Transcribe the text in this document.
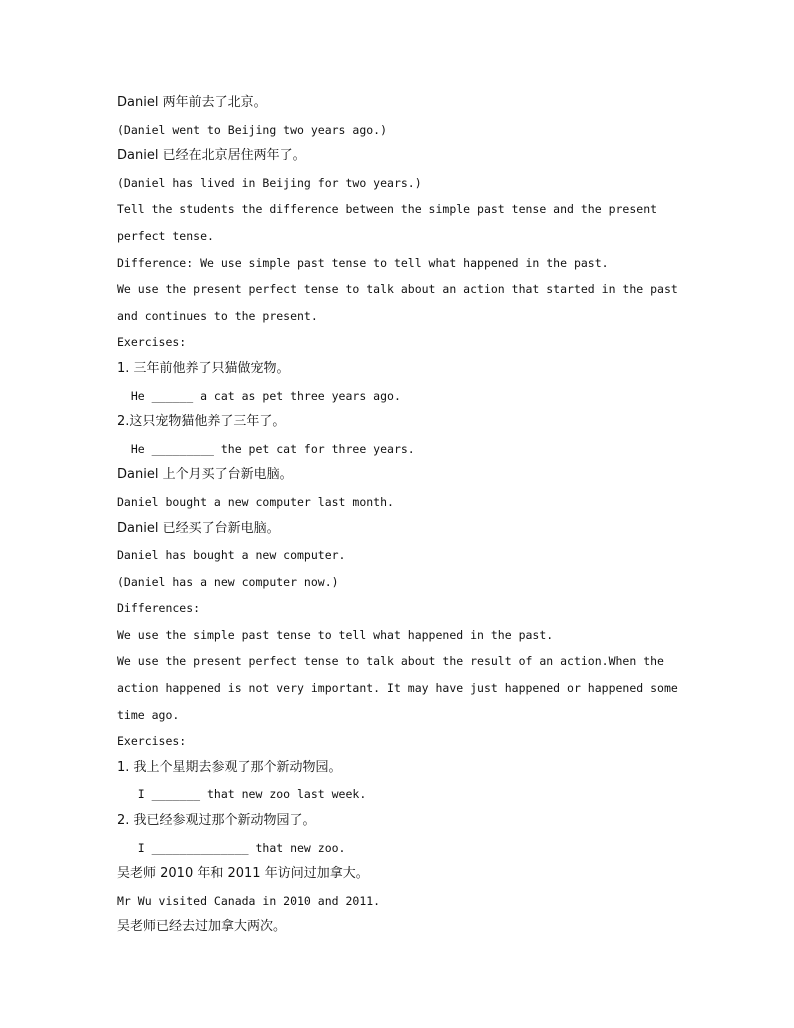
Daniel 两年前去了北京。
(Daniel went to Beijing two years ago.)
Daniel 已经在北京居住两年了。
(Daniel has lived in Beijing for two years.)
Tell the students the difference between the simple past tense and the present
perfect tense.
Difference: We use simple past tense to tell what happened in the past.
We use the present perfect tense to talk about an action that started in the past
and continues to the present.
Exercises:
1. 三年前他养了只猫做宠物。
He ______ a cat as pet three years ago.
2.这只宠物猫他养了三年了。
He _________ the pet cat for three years.
Daniel 上个月买了台新电脑。
Daniel bought a new computer last month.
Daniel 已经买了台新电脑。
Daniel has bought a new computer.
(Daniel has a new computer now.)
Differences:
We use the simple past tense to tell what happened in the past.
We use the present perfect tense to talk about the result of an action.When the
action happened is not very important. It may have just happened or happened some
time ago.
Exercises:
1. 我上个星期去参观了那个新动物园。
I _______ that new zoo last week.
2. 我已经参观过那个新动物园了。
I ______________ that new zoo.
吴老师 2010 年和 2011 年访问过加拿大。
Mr Wu visited Canada in 2010 and 2011.
吴老师已经去过加拿大两次。
